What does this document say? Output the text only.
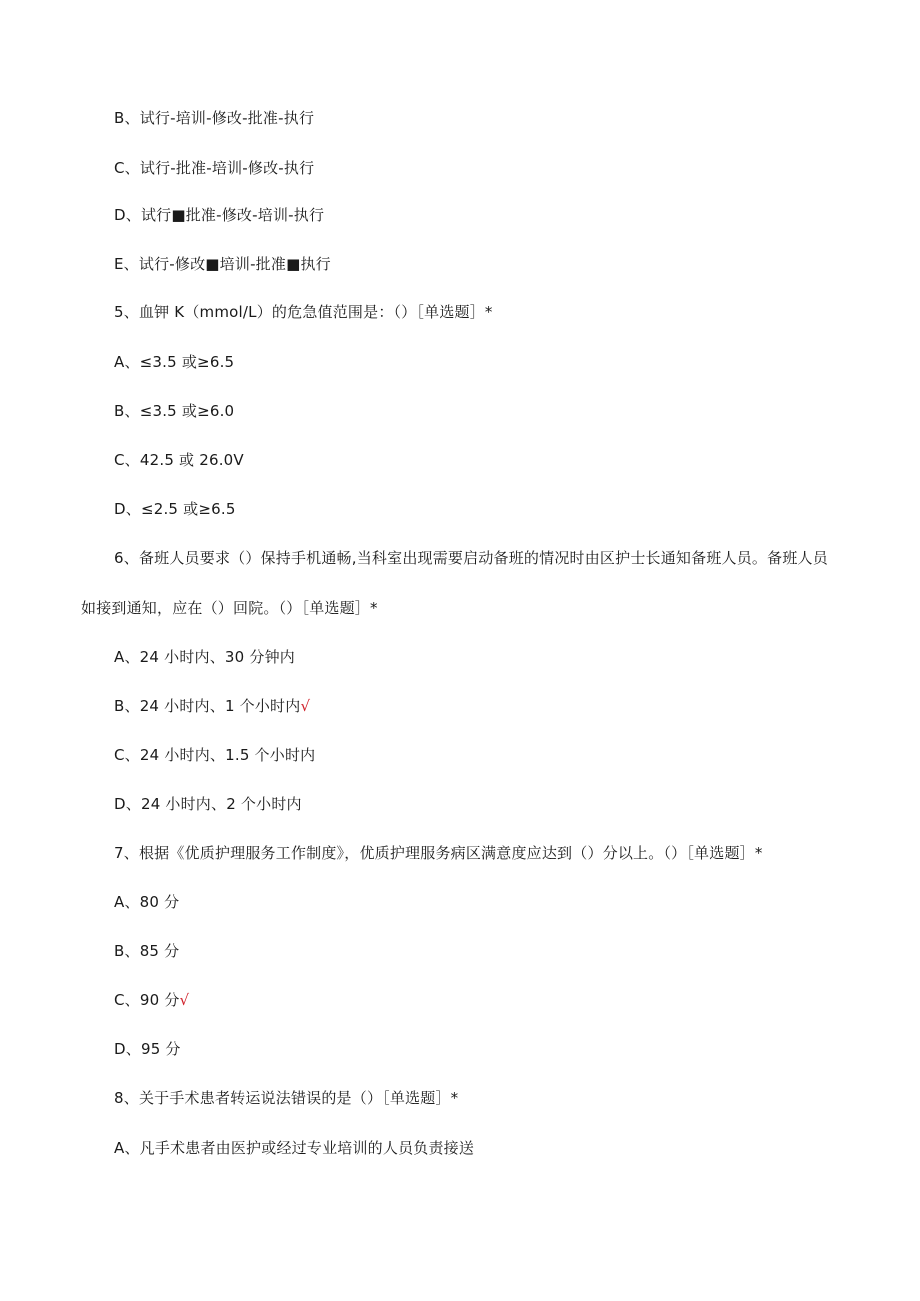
B、试行-培训-修改-批准-执行
C、试行-批准-培训-修改-执行
D、试行■批准-修改-培训-执行
E、试行-修改■培训-批准■执行
5、血钾 K（mmol/L）的危急值范围是：（）［单选题］*
A、≤3.5 或≥6.5
B、≤3.5 或≥6.0
C、42.5 或 26.0V
D、≤2.5 或≥6.5
6、备班人员要求（）保持手机通畅,当科室出现需要启动备班的情况时由区护士长通知备班人员。备班人员
如接到通知，应在（）回院。（）［单选题］*
A、24 小时内、30 分钟内
B、24 小时内、1 个小时内√
C、24 小时内、1.5 个小时内
D、24 小时内、2 个小时内
7、根据《优质护理服务工作制度》，优质护理服务病区满意度应达到（）分以上。（）［单选题］*
A、80 分
B、85 分
C、90 分√
D、95 分
8、关于手术患者转运说法错误的是（）［单选题］*
A、凡手术患者由医护或经过专业培训的人员负责接送
